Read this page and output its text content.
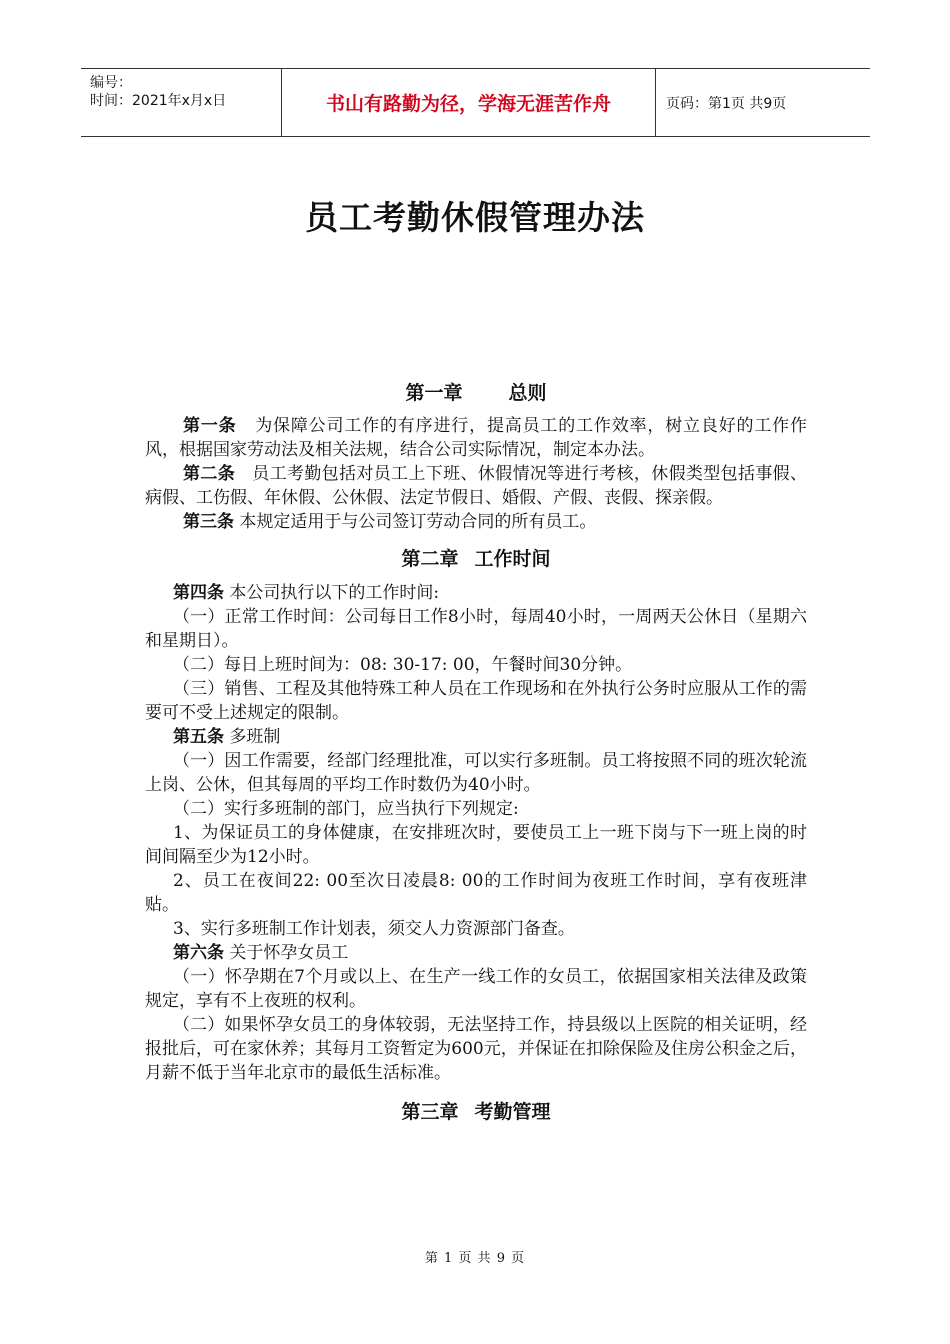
编号：
时间：2021年x月x日	书山有路勤为径，学海无涯苦作舟	页码：第1页 共9页
员工考勤休假管理办法

第一章 总则

第一条 为保障公司工作的有序进行，提高员工的工作效率，树立良好的工作作风，根据国家劳动法及相关法规，结合公司实际情况，制定本办法。

第二条 员工考勤包括对员工上下班、休假情况等进行考核，休假类型包括事假、病假、工伤假、年休假、公休假、法定节假日、婚假、产假、丧假、探亲假。

第三条 本规定适用于与公司签订劳动合同的所有员工。

第二章 工作时间

第四条 本公司执行以下的工作时间:

（一）正常工作时间：公司每日工作8小时，每周40小时，一周两天公休日（星期六和星期日）。

（二）每日上班时间为：08: 30-17: 00，午餐时间30分钟。

（三）销售、工程及其他特殊工种人员在工作现场和在外执行公务时应服从工作的需要可不受上述规定的限制。

第五条 多班制

（一）因工作需要，经部门经理批准，可以实行多班制。员工将按照不同的班次轮流上岗、公休，但其每周的平均工作时数仍为40小时。

（二）实行多班制的部门，应当执行下列规定:

1、为保证员工的身体健康，在安排班次时，要使员工上一班下岗与下一班上岗的时间间隔至少为12小时。

2、员工在夜间22: 00至次日凌晨8: 00的工作时间为夜班工作时间，享有夜班津贴。

3、实行多班制工作计划表，须交人力资源部门备查。

第六条 关于怀孕女员工

（一）怀孕期在7个月或以上、在生产一线工作的女员工，依据国家相关法律及政策规定，享有不上夜班的权利。

（二）如果怀孕女员工的身体较弱，无法坚持工作，持县级以上医院的相关证明，经报批后，可在家休养；其每月工资暂定为600元，并保证在扣除保险及住房公积金之后，月薪不低于当年北京市的最低生活标准。

第三章 考勤管理

第 1 页 共 9 页
